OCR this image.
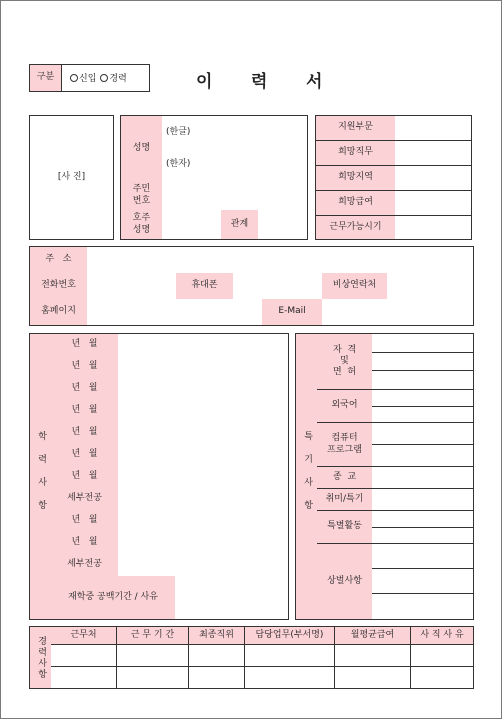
구분	신입 경력	이 력 서
[사 진]
성명
(한글)
(한자)
주민
번호
호주
성명
관계
지원부문
희망직무
희망지역
희망급여
근무가능시기
주   소
전화번호	휴대폰	비상연락처
홈페이지	E-Mail
학력사항
년   월
년   월
년   월
년   월
년   월
년   월
년   월
세부전공
년   월
년   월
세부전공
재학중 공백기간 / 사유
특기사항
자  격
및
면  허
외국어
컴퓨터
프로그램
종  교
취미/특기
특별활동
상벌사항
경력사항
근무처	근 무 기 간	최종직위	담당업무(부서명)	월평균급여	사 직 사 유
